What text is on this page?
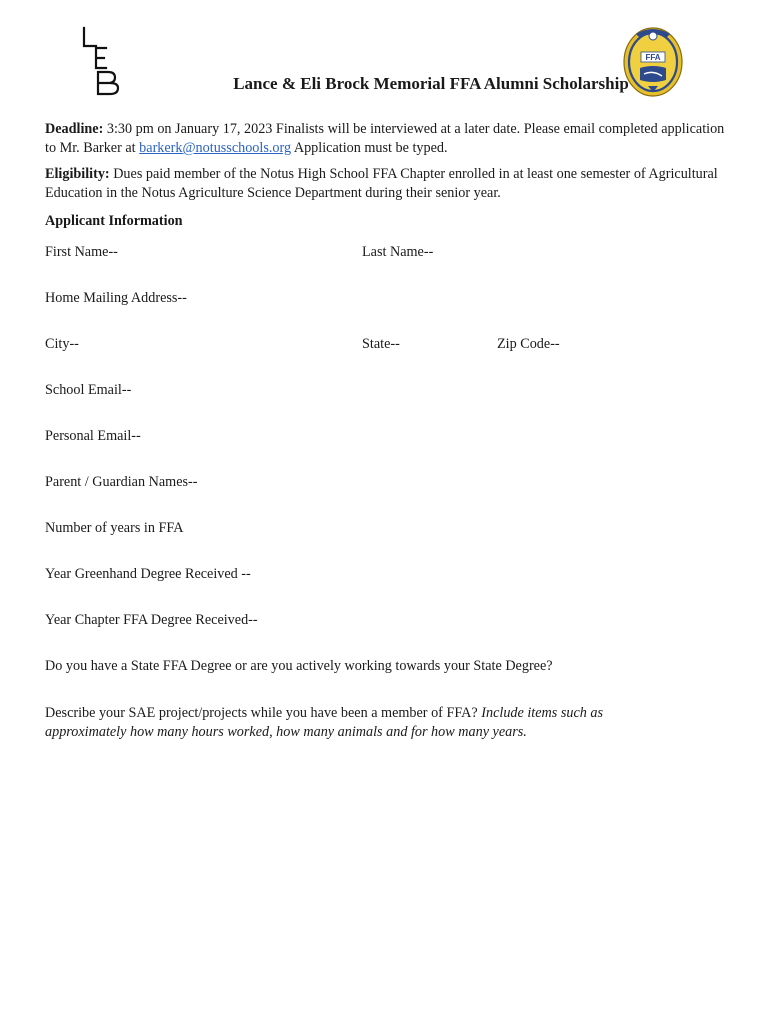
FFA
Lance & Eli Brock Memorial FFA Alumni Scholarship
Deadline: 3:30 pm on January 17, 2023 Finalists will be interviewed at a later date. Please email completed application to Mr. Barker at barkerk@notusschools.org Application must be typed.
Eligibility: Dues paid member of the Notus High School FFA Chapter enrolled in at least one semester of Agricultural Education in the Notus Agriculture Science Department during their senior year.
Applicant Information
First Name--	Last Name--
Home Mailing Address--
City--	State--	Zip Code--
School Email--
Personal Email--
Parent / Guardian Names--
Number of years in FFA
Year Greenhand Degree Received --
Year Chapter FFA Degree Received--
Do you have a State FFA Degree or are you actively working towards your State Degree?
Describe your SAE project/projects while you have been a member of FFA? Include items such as approximately how many hours worked, how many animals and for how many years.
